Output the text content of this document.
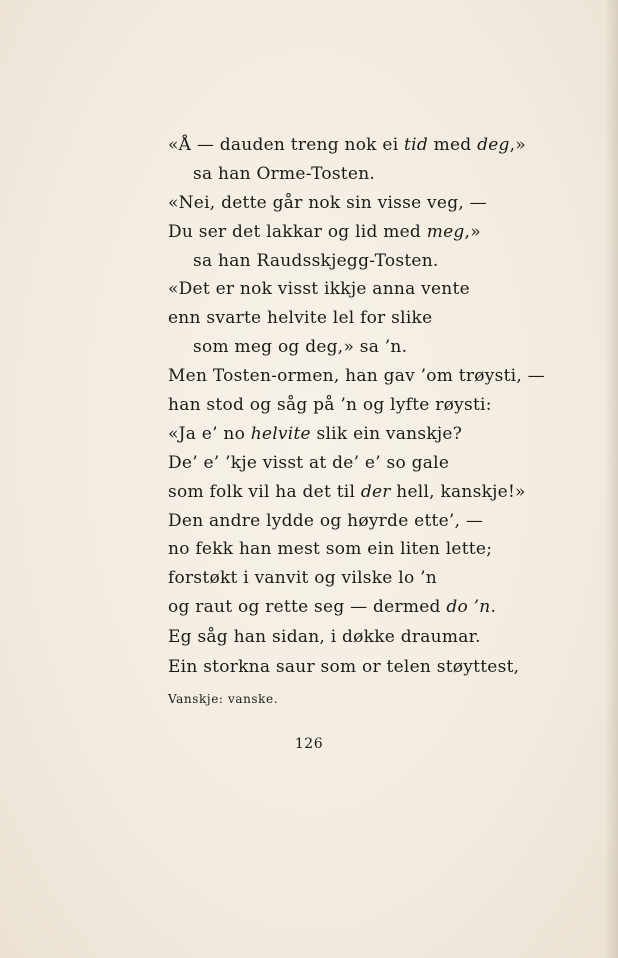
«Å — dauden treng nok ei tid med deg,»
sa han Orme-Tosten.
«Nei, dette går nok sin visse veg, —
Du ser det lakkar og lid med meg,»
sa han Raudsskjegg-Tosten.
«Det er nok visst ikkje anna vente
enn svarte helvite lel for slike
som meg og deg,» sa ’n.
Men Tosten-ormen, han gav ’om trøysti, —
han stod og såg på ’n og lyfte røysti:
«Ja e’ no helvite slik ein vanskje?
De’ e’ ’kje visst at de’ e’ so gale
som folk vil ha det til der hell, kanskje!»
Den andre lydde og høyrde ette’, —
no fekk han mest som ein liten lette;
forstøkt i vanvit og vilske lo ’n
og raut og rette seg — dermed do ’n.
Eg såg han sidan, i døkke draumar.
Ein storkna saur som or telen støyttest,
Vanskje: vanske.
126
